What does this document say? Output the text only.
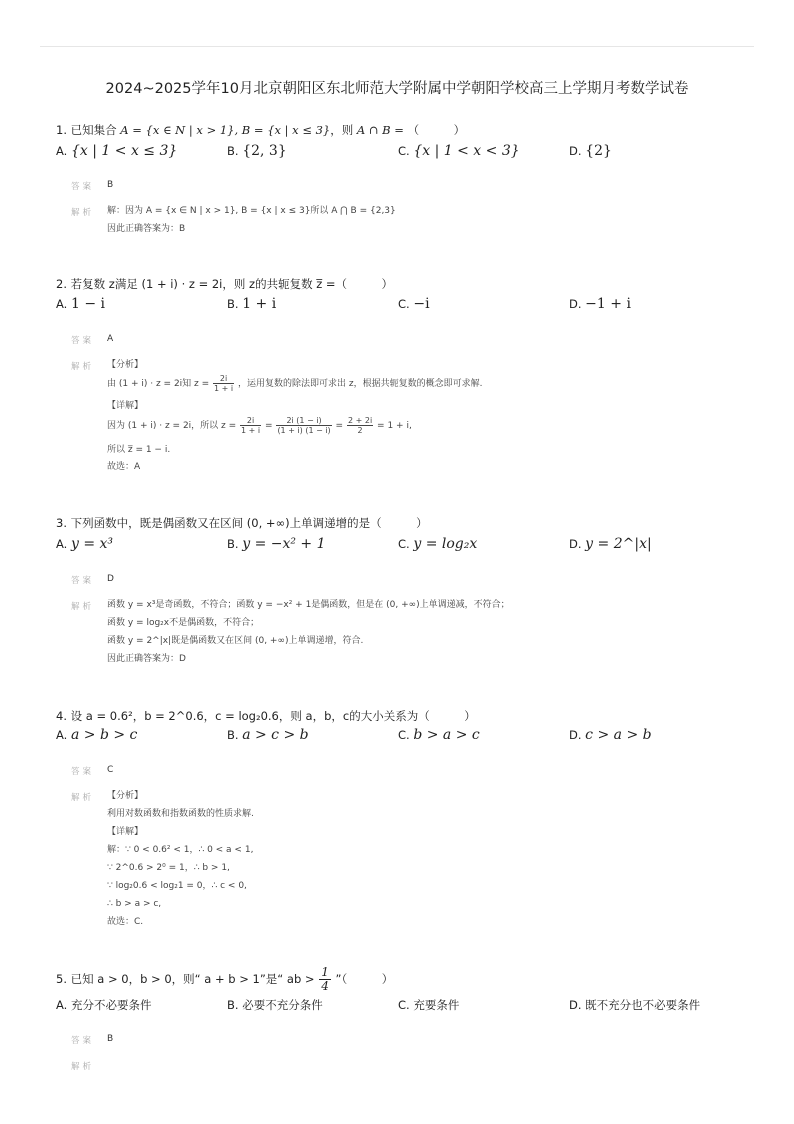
2024~2025学年10月北京朝阳区东北师范大学附属中学朝阳学校高三上学期月考数学试卷
1. 已知集合 A = {x ∈ N | x > 1}, B = {x | x ≤ 3}，则 A ∩ B = （　　　）
A. {x | 1 < x ≤ 3}	B. {2, 3}	C. {x | 1 < x < 3}	D. {2}
答案 B
解析 解：因为 A = {x ∈ N | x > 1}, B = {x | x ≤ 3}所以 A ⋂ B = {2,3}
因此正确答案为：B
2. 若复数 z满足 (1 + i) · z = 2i，则 z的共轭复数 z̅ =（　　　）
A. 1 − i	B. 1 + i	C. −i	D. −1 + i
答案 A
解析 【分析】
由 (1 + i) · z = 2i知 $z = \frac{2i}{1 + i}$ ，运用复数的除法即可求出 z，根据共轭复数的概念即可求解.
【详解】
因为 (1 + i) · z = 2i，所以 $z = \frac{2i}{1 + i} = \frac{2i (1 - i)}{(1 + i) (1 - i)} = \frac{2 + 2i}{2} = 1 + i$,
所以 z̅ = 1 − i.
故选：A
3. 下列函数中，既是偶函数又在区间 (0, +∞)上单调递增的是（　　　）
A. y = x³	B. y = −x² + 1	C. y = log₂x	D. y = 2^|x|
答案 D
解析 函数 y = x³是奇函数，不符合；函数 y = −x² + 1是偶函数，但是在 (0, +∞)上单调递减，不符合；
函数 y = log₂x不是偶函数，不符合；
函数 y = 2^|x|既是偶函数又在区间 (0, +∞)上单调递增，符合.
因此正确答案为：D
4. 设 a = 0.6²，b = 2^0.6，c = log₂0.6，则 a，b，c的大小关系为（　　　）
A. a > b > c	B. a > c > b	C. b > a > c	D. c > a > b
答案 C
解析 【分析】
利用对数函数和指数函数的性质求解.
【详解】
解：∵ 0 < 0.6² < 1，∴ 0 < a < 1,
∵ 2^0.6 > 2⁰ = 1，∴ b > 1,
∵ log₂0.6 < log₂1 = 0，∴ c < 0,
∴ b > a > c,
故选：C.
5. 已知 a > 0，b > 0，则“ a + b > 1”是“ ab > $\frac{1}{4}$ ”（　　　）
A. 充分不必要条件	B. 必要不充分条件	C. 充要条件	D. 既不充分也不必要条件
答案 B
解析
